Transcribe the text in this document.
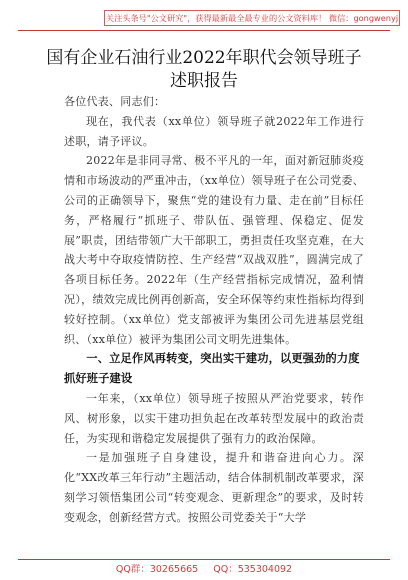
关注头条号"公文研究"，获得最新最全最专业的公文资料库！ 微信：gongwenyj
国有企业石油行业2022年职代会领导班子述职报告

各位代表、同志们：

现在，我代表（xx单位）领导班子就2022年工作进行述职，请予评议。

2022年是非同寻常、极不平凡的一年，面对新冠肺炎疫情和市场波动的严重冲击，（xx单位）领导班子在公司党委、公司的正确领导下，聚焦“党的建设有力量、走在前”目标任务，严格履行“抓班子、带队伍、强管理、保稳定、促发展”职责，团结带领广大干部职工，勇担责任攻坚克难，在大战大考中夺取疫情防控、生产经营“双战双胜”，圆满完成了各项目标任务。2022年（生产经营指标完成情况，盈利情况），绩效完成比例再创新高，安全环保等约束性指标均得到较好控制。（xx单位）党支部被评为集团公司先进基层党组织、（xx单位）被评为集团公司文明先进集体。

一、立足作风再转变，突出实干建功，以更强劲的力度抓好班子建设

一年来，（xx单位）领导班子按照从严治党要求，转作风、树形象，以实干建功担负起在改革转型发展中的政治责任，为实现和谐稳定发展提供了强有力的政治保障。

一是加强班子自身建设，提升和谐奋进向心力。深化“XX改革三年行动”主题活动，结合体制机制改革要求，深刻学习领悟集团公司“转变观念、更新理念”的要求，及时转变观念，创新经营方式。按照公司党委关于“大学

QQ群：30265665 QQ：535304092
